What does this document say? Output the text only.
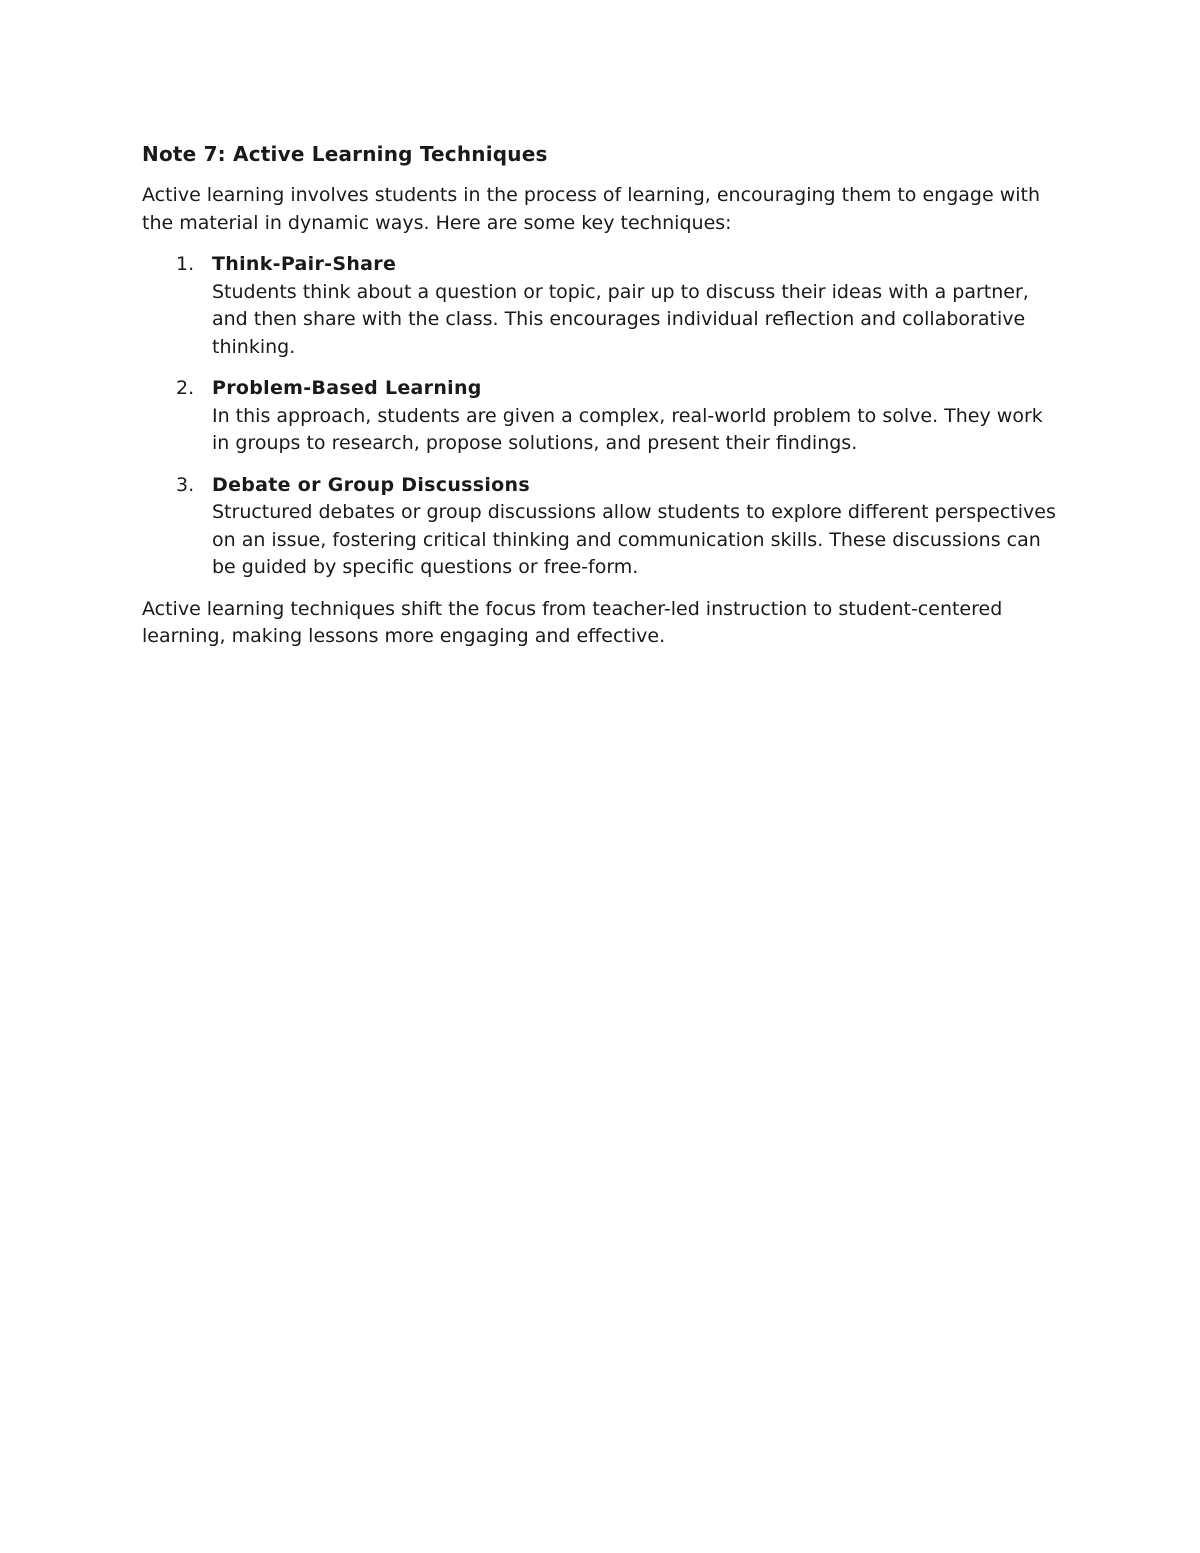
Note 7: Active Learning Techniques

Active learning involves students in the process of learning, encouraging them to engage with the material in dynamic ways. Here are some key techniques:

1. Think-Pair-Share
Students think about a question or topic, pair up to discuss their ideas with a partner, and then share with the class. This encourages individual reflection and collaborative thinking.
2. Problem-Based Learning
In this approach, students are given a complex, real-world problem to solve. They work in groups to research, propose solutions, and present their findings.
3. Debate or Group Discussions
Structured debates or group discussions allow students to explore different perspectives on an issue, fostering critical thinking and communication skills. These discussions can be guided by specific questions or free-form.

Active learning techniques shift the focus from teacher-led instruction to student-centered learning, making lessons more engaging and effective.
